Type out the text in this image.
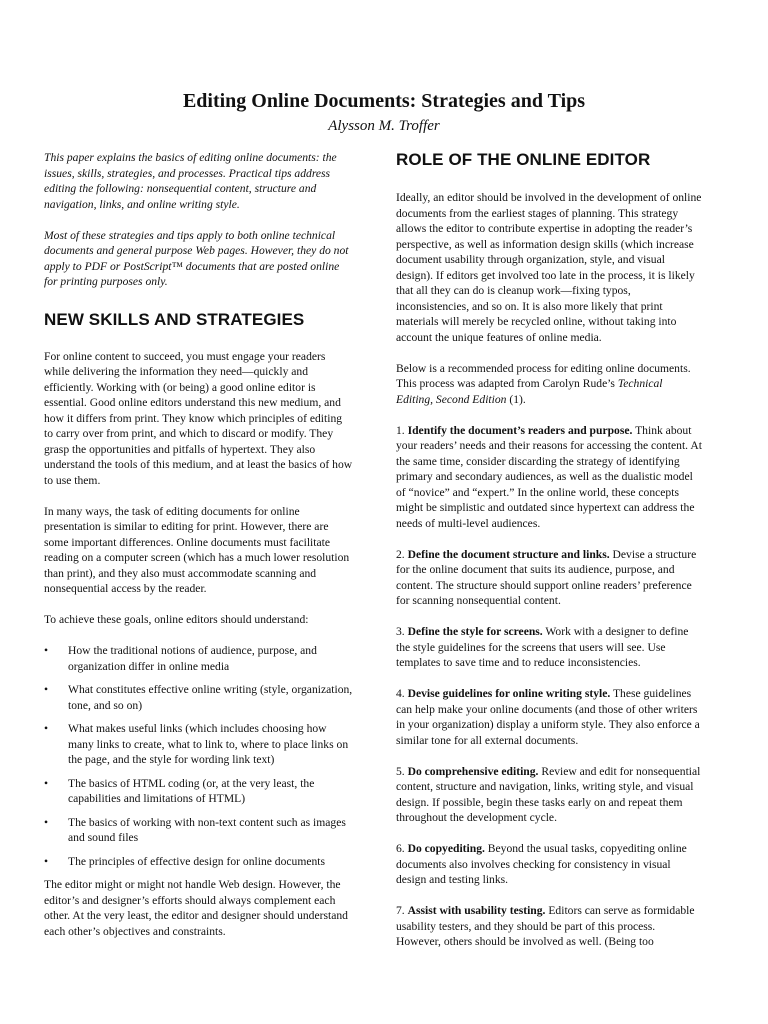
Editing Online Documents: Strategies and Tips
Alysson M. Troffer

This paper explains the basics of editing online documents: the issues, skills, strategies, and processes. Practical tips address editing the following: nonsequential content, structure and navigation, links, and online writing style.

Most of these strategies and tips apply to both online technical documents and general purpose Web pages. However, they do not apply to PDF or PostScript™ documents that are posted online for printing purposes only.

NEW SKILLS AND STRATEGIES

For online content to succeed, you must engage your readers while delivering the information they need—quickly and efficiently. Working with (or being) a good online editor is essential. Good online editors understand this new medium, and how it differs from print. They know which principles of editing to carry over from print, and which to discard or modify. They grasp the opportunities and pitfalls of hypertext. They also understand the tools of this medium, and at least the basics of how to use them.

In many ways, the task of editing documents for online presentation is similar to editing for print. However, there are some important differences. Online documents must facilitate reading on a computer screen (which has a much lower resolution than print), and they also must accommodate scanning and nonsequential access by the reader.

To achieve these goals, online editors should understand:

• How the traditional notions of audience, purpose, and organization differ in online media
• What constitutes effective online writing (style, organization, tone, and so on)
• What makes useful links (which includes choosing how many links to create, what to link to, where to place links on the page, and the style for wording link text)
• The basics of HTML coding (or, at the very least, the capabilities and limitations of HTML)
• The basics of working with non-text content such as images and sound files
• The principles of effective design for online documents

The editor might or might not handle Web design. However, the editor’s and designer’s efforts should always complement each other. At the very least, the editor and designer should understand each other’s objectives and constraints.

ROLE OF THE ONLINE EDITOR

Ideally, an editor should be involved in the development of online documents from the earliest stages of planning. This strategy allows the editor to contribute expertise in adopting the reader’s perspective, as well as information design skills (which increase document usability through organization, style, and visual design). If editors get involved too late in the process, it is likely that all they can do is cleanup work—fixing typos, inconsistencies, and so on. It is also more likely that print materials will merely be recycled online, without taking into account the unique features of online media.

Below is a recommended process for editing online documents. This process was adapted from Carolyn Rude’s Technical Editing, Second Edition (1).

1. Identify the document’s readers and purpose. Think about your readers’ needs and their reasons for accessing the content. At the same time, consider discarding the strategy of identifying primary and secondary audiences, as well as the dualistic model of “novice” and “expert.” In the online world, these concepts might be simplistic and outdated since hypertext can address the needs of multi-level audiences.

2. Define the document structure and links. Devise a structure for the online document that suits its audience, purpose, and content. The structure should support online readers’ preference for scanning nonsequential content.

3. Define the style for screens. Work with a designer to define the style guidelines for the screens that users will see. Use templates to save time and to reduce inconsistencies.

4. Devise guidelines for online writing style. These guidelines can help make your online documents (and those of other writers in your organization) display a uniform style. They also enforce a similar tone for all external documents.

5. Do comprehensive editing. Review and edit for nonsequential content, structure and navigation, links, writing style, and visual design. If possible, begin these tasks early on and repeat them throughout the development cycle.

6. Do copyediting. Beyond the usual tasks, copyediting online documents also involves checking for consistency in visual design and testing links.

7. Assist with usability testing. Editors can serve as formidable usability testers, and they should be part of this process. However, others should be involved as well. (Being too
